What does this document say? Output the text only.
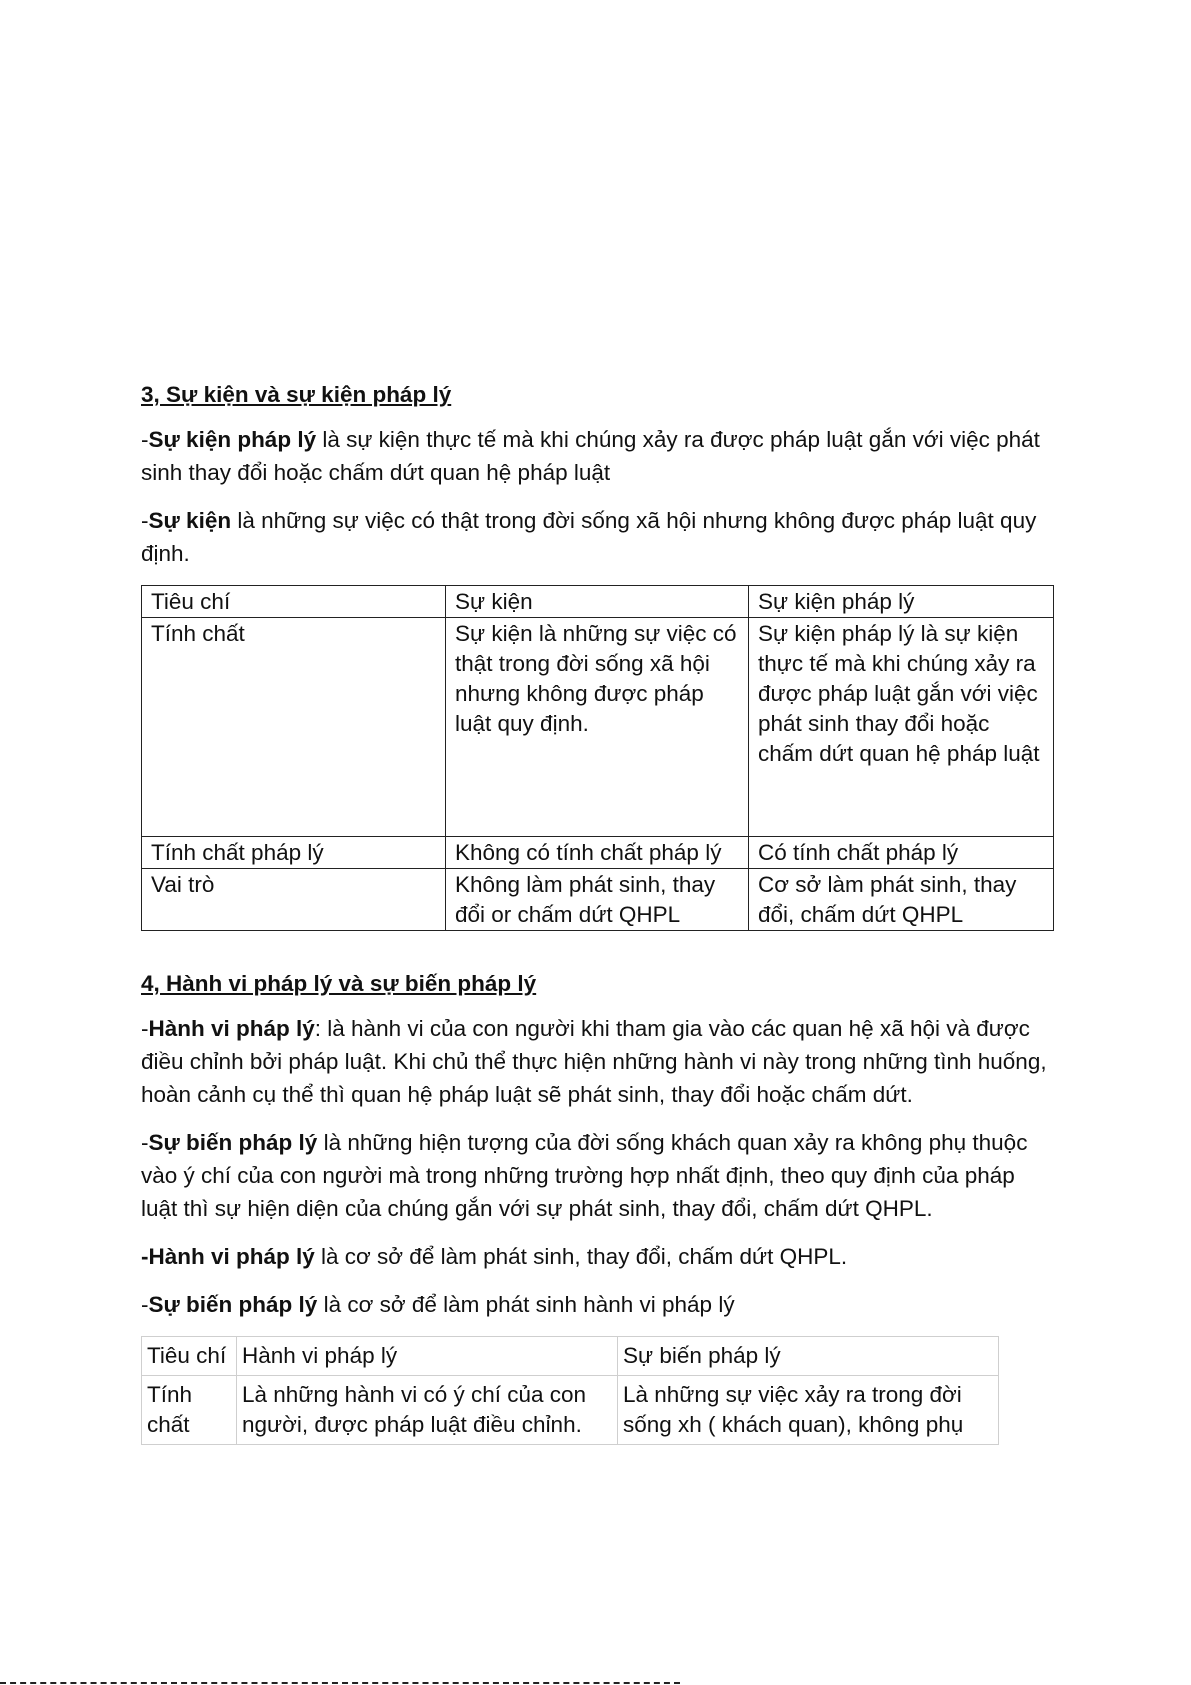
3, Sự kiện và sự kiện pháp lý
-Sự kiện pháp lý là sự kiện thực tế mà khi chúng xảy ra được pháp luật gắn với việc phát sinh thay đổi hoặc chấm dứt quan hệ pháp luật
-Sự kiện là những sự việc có thật trong đời sống xã hội nhưng không được pháp luật quy định.
Tiêu chí	Sự kiện	Sự kiện pháp lý
Tính chất	Sự kiện là những sự việc có thật trong đời sống xã hội nhưng không được pháp luật quy định.	Sự kiện pháp lý là sự kiện thực tế mà khi chúng xảy ra được pháp luật gắn với việc phát sinh thay đổi hoặc chấm dứt quan hệ pháp luật
Tính chất pháp lý	Không có tính chất pháp lý	Có tính chất pháp lý
Vai trò	Không làm phát sinh, thay đổi or chấm dứt QHPL	Cơ sở làm phát sinh, thay đổi, chấm dứt QHPL
4, Hành vi pháp lý và sự biến pháp lý
-Hành vi pháp lý: là hành vi của con người khi tham gia vào các quan hệ xã hội và được điều chỉnh bởi pháp luật. Khi chủ thể thực hiện những hành vi này trong những tình huống, hoàn cảnh cụ thể thì quan hệ pháp luật sẽ phát sinh, thay đổi hoặc chấm dứt.
-Sự biến pháp lý là những hiện tượng của đời sống khách quan xảy ra không phụ thuộc vào ý chí của con người mà trong những trường hợp nhất định, theo quy định của pháp luật thì sự hiện diện của chúng gắn với sự phát sinh, thay đổi, chấm dứt QHPL.
-Hành vi pháp lý là cơ sở để làm phát sinh, thay đổi, chấm dứt QHPL.
-Sự biến pháp lý là cơ sở để làm phát sinh hành vi pháp lý
Tiêu chí	Hành vi pháp lý	Sự biến pháp lý
Tính chất	Là những hành vi có ý chí của con người, được pháp luật điều chỉnh.	Là những sự việc xảy ra trong đời sống xh ( khách quan), không phụ
